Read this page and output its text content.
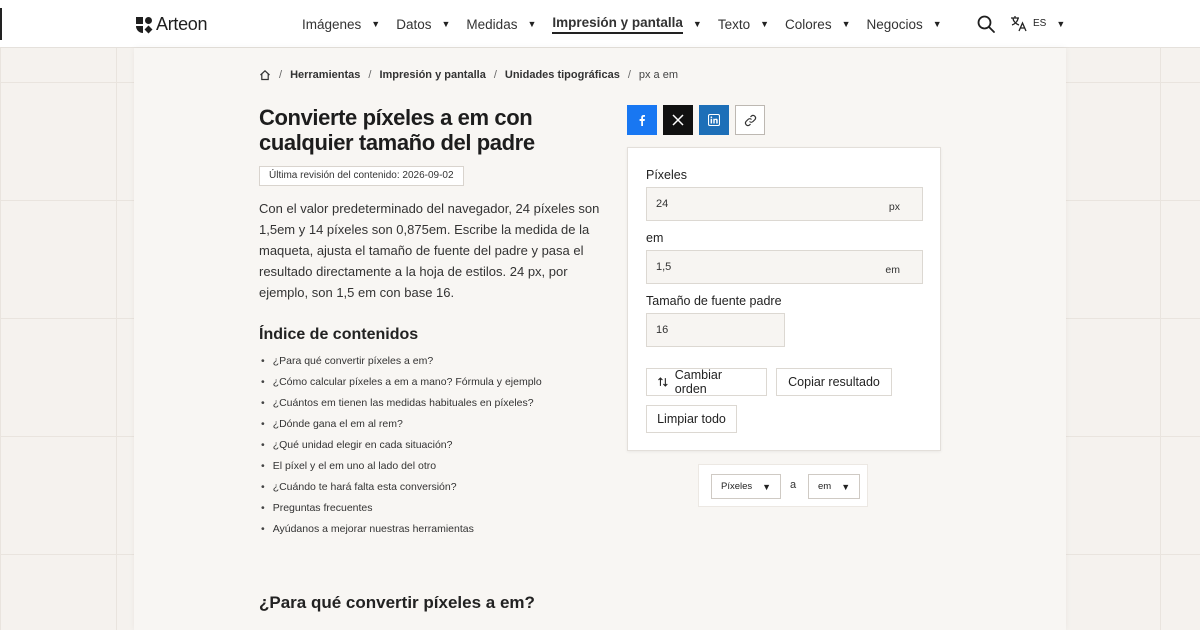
Arteon	Imágenes ▼ Datos ▼ Medidas ▼ Impresión y pantalla ▼ Texto ▼ Colores ▼ Negocios ▼	ES ▼
/ Herramientas / Impresión y pantalla / Unidades tipográficas / px a em
Convierte píxeles a em con cualquier tamaño del padre
Última revisión del contenido: 2026-09-02

Con el valor predeterminado del navegador, 24 píxeles son 1,5em y 14 píxeles son 0,875em. Escribe la medida de la maqueta, ajusta el tamaño de fuente del padre y pasa el resultado directamente a la hoja de estilos. 24 px, por ejemplo, son 1,5 em con base 16.

Índice de contenidos
• ¿Para qué convertir píxeles a em?
• ¿Cómo calcular píxeles a em a mano? Fórmula y ejemplo
• ¿Cuántos em tienen las medidas habituales en píxeles?
• ¿Dónde gana el em al rem?
• ¿Qué unidad elegir en cada situación?
• El píxel y el em uno al lado del otro
• ¿Cuándo te hará falta esta conversión?
• Preguntas frecuentes
• Ayúdanos a mejorar nuestras herramientas
¿Para qué convertir píxeles a em?
Píxeles
24	px
em
1,5	em
Tamaño de fuente padre
16
Cambiar orden	Copiar resultado
Limpiar todo
Píxeles ▼ a em ▼
